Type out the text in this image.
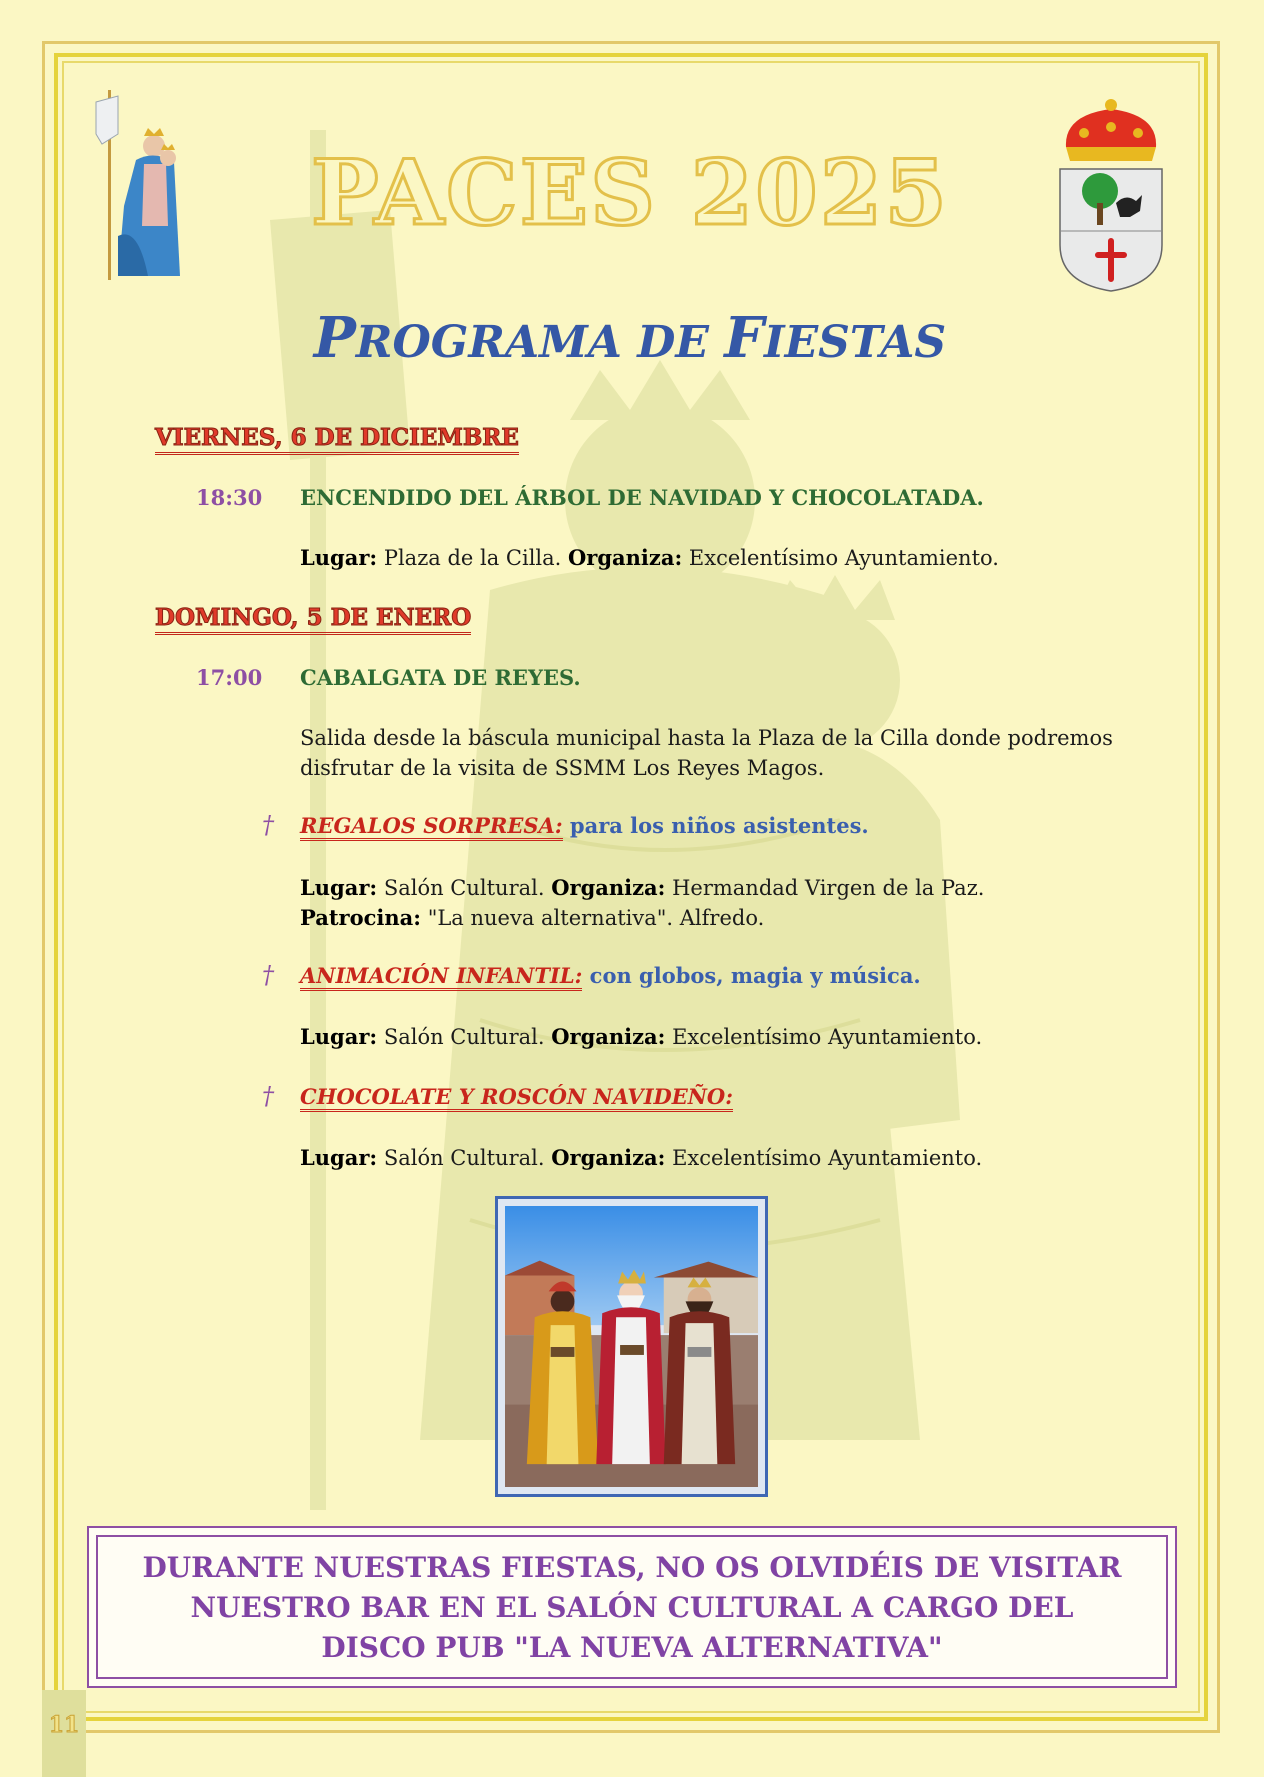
PACES 2025
PROGRAMA DE FIESTAS
VIERNES, 6 DE DICIEMBRE
18:30 ENCENDIDO DEL ÁRBOL DE NAVIDAD Y CHOCOLATADA.
Lugar: Plaza de la Cilla. Organiza: Excelentísimo Ayuntamiento.
DOMINGO, 5 DE ENERO
17:00 CABALGATA DE REYES.
Salida desde la báscula municipal hasta la Plaza de la Cilla donde podremos
disfrutar de la visita de SSMM Los Reyes Magos.
† REGALOS SORPRESA: para los niños asistentes.
Lugar: Salón Cultural. Organiza: Hermandad Virgen de la Paz.
Patrocina: "La nueva alternativa". Alfredo.
† ANIMACIÓN INFANTIL: con globos, magia y música.
Lugar: Salón Cultural. Organiza: Excelentísimo Ayuntamiento.
† CHOCOLATE Y ROSCÓN NAVIDEÑO:
Lugar: Salón Cultural. Organiza: Excelentísimo Ayuntamiento.
DURANTE NUESTRAS FIESTAS, NO OS OLVIDÉIS DE VISITAR
NUESTRO BAR EN EL SALÓN CULTURAL A CARGO DEL
DISCO PUB "LA NUEVA ALTERNATIVA"
11
